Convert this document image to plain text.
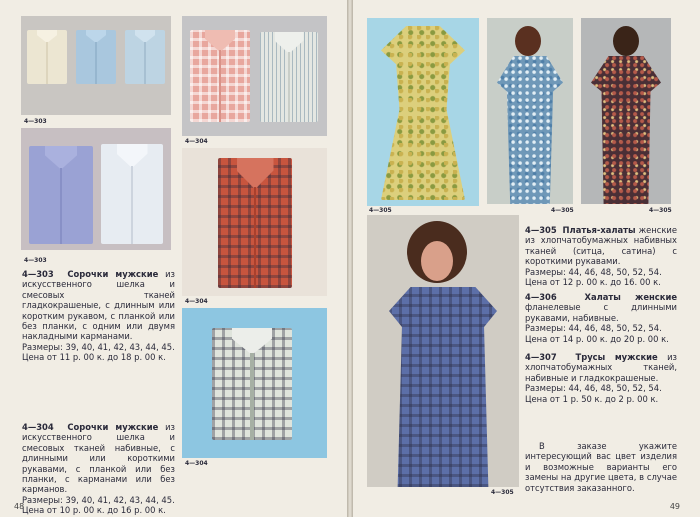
4—303
4—304
4—303
4—304
4—304

4—303 Сорочки мужские из искусственного шелка и смесовых тканей гладкокрашеные, с длинным или коротким рукавом, с планкой или без планки, с одним или двумя накладными карманами.

Размеры: 39, 40, 41, 42, 43, 44, 45.

Цена от 11 р. 00 к. до 18 р. 00 к.

4—304 Сорочки мужские из искусственного шелка и смесовых тканей набивные, с длинными или короткими рукавами, с планкой или без планки, с карманами или без карманов.

Размеры: 39, 40, 41, 42, 43, 44, 45.

Цена от 10 р. 00 к. до 16 р. 00 к.

48
4—305	4—305	4—305
4—305

4—305 Платья-халаты женские из хлопчатобумажных набивных тканей (ситца, сатина) с короткими рукавами.

Размеры: 44, 46, 48, 50, 52, 54.

Цена от 12 р. 00 к. до 16. 00 к.

4—306	Халаты женские фланелевые с длинными рукавами, набивные.

Размеры: 44, 46, 48, 50, 52, 54.

Цена от 14 р. 00 к. до 20 р. 00 к.

4—307 Трусы мужские из хлопчатобумажных тканей, набивные и гладкокрашеные.

Размеры: 44, 46, 48, 50, 52, 54.

Цена от 1 р. 50 к. до 2 р. 00 к.

В заказе укажите интересующий вас цвет изделия и возможные варианты его замены на другие цвета, в случае отсутствия заказанного.
49
